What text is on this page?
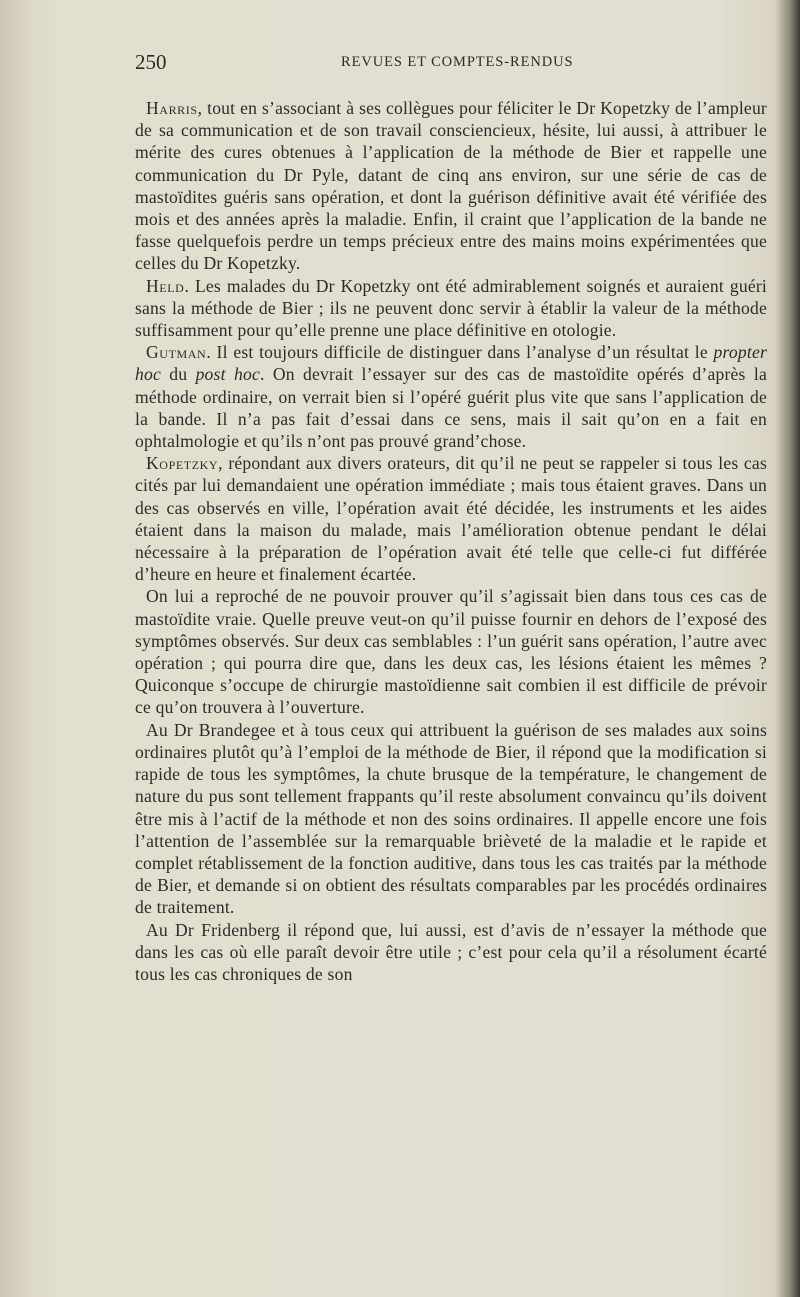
250	REVUES ET COMPTES-RENDUS

Harris, tout en s’associant à ses collègues pour féliciter le Dr Kopetzky de l’ampleur de sa communication et de son travail consciencieux, hésite, lui aussi, à attribuer le mérite des cures obtenues à l’application de la méthode de Bier et rappelle une communication du Dr Pyle, datant de cinq ans environ, sur une série de cas de mastoïdites guéris sans opération, et dont la guérison définitive avait été vérifiée des mois et des années après la maladie. Enfin, il craint que l’application de la bande ne fasse quelquefois perdre un temps précieux entre des mains moins expérimentées que celles du Dr Kopetzky.

Held. Les malades du Dr Kopetzky ont été admirablement soignés et auraient guéri sans la méthode de Bier ; ils ne peuvent donc servir à établir la valeur de la méthode suffisamment pour qu’elle prenne une place définitive en otologie.

Gutman. Il est toujours difficile de distinguer dans l’analyse d’un résultat le propter hoc du post hoc. On devrait l’essayer sur des cas de mastoïdite opérés d’après la méthode ordinaire, on verrait bien si l’opéré guérit plus vite que sans l’application de la bande. Il n’a pas fait d’essai dans ce sens, mais il sait qu’on en a fait en ophtalmologie et qu’ils n’ont pas prouvé grand’chose.

Kopetzky, répondant aux divers orateurs, dit qu’il ne peut se rappeler si tous les cas cités par lui demandaient une opération immédiate ; mais tous étaient graves. Dans un des cas observés en ville, l’opération avait été décidée, les instruments et les aides étaient dans la maison du malade, mais l’amélioration obtenue pendant le délai nécessaire à la préparation de l’opération avait été telle que celle-ci fut différée d’heure en heure et finalement écartée.

On lui a reproché de ne pouvoir prouver qu’il s’agissait bien dans tous ces cas de mastoïdite vraie. Quelle preuve veut-on qu’il puisse fournir en dehors de l’exposé des symptômes observés. Sur deux cas semblables : l’un guérit sans opération, l’autre avec opération ; qui pourra dire que, dans les deux cas, les lésions étaient les mêmes ? Quiconque s’occupe de chirurgie mastoïdienne sait combien il est difficile de prévoir ce qu’on trouvera à l’ouverture.

Au Dr Brandegee et à tous ceux qui attribuent la guérison de ses malades aux soins ordinaires plutôt qu’à l’emploi de la méthode de Bier, il répond que la modification si rapide de tous les symptômes, la chute brusque de la température, le changement de nature du pus sont tellement frappants qu’il reste absolument convaincu qu’ils doivent être mis à l’actif de la méthode et non des soins ordinaires. Il appelle encore une fois l’attention de l’assemblée sur la remarquable brièveté de la maladie et le rapide et complet rétablissement de la fonction auditive, dans tous les cas traités par la méthode de Bier, et demande si on obtient des résultats comparables par les procédés ordinaires de traitement.

Au Dr Fridenberg il répond que, lui aussi, est d’avis de n’essayer la méthode que dans les cas où elle paraît devoir être utile ; c’est pour cela qu’il a résolument écarté tous les cas chroniques de son
